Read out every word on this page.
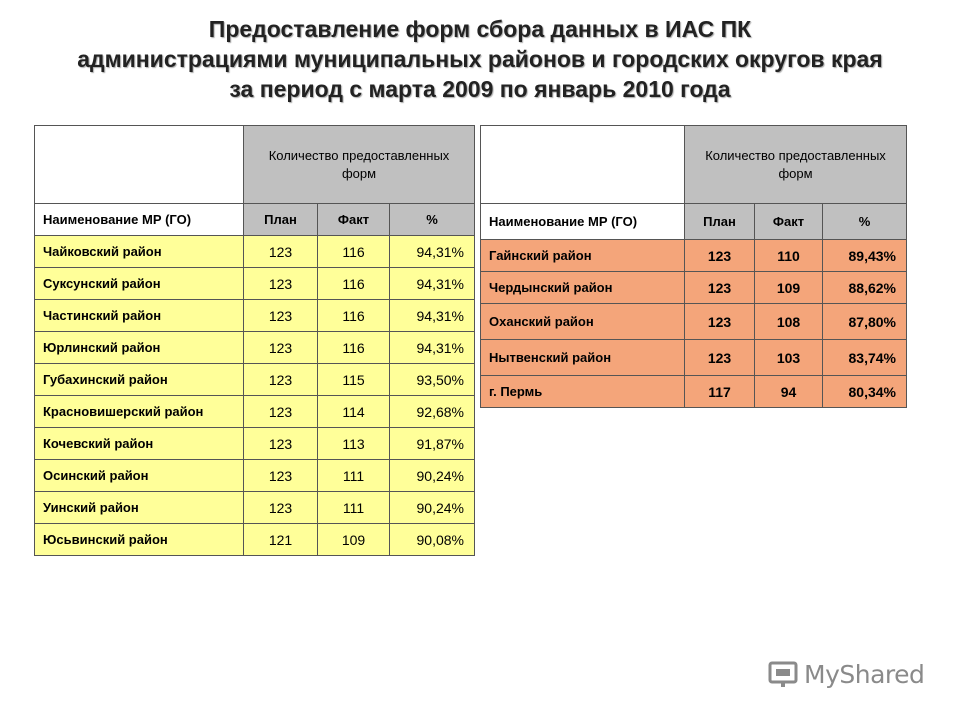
Предоставление форм сбора данных в ИАС ПК
администрациями муниципальных районов и городских округов края
за период с марта 2009 по январь 2010 года

	Количество предоставленных форм		

Наименование МР (ГО)	План	Факт	%
Чайковский район	123	116	94,31%
Суксунский район	123	116	94,31%
Частинский район	123	116	94,31%
Юрлинский район	123	116	94,31%
Губахинский район	123	115	93,50%
Красновишерский район	123	114	92,68%
Кочевский район	123	113	91,87%
Осинский район	123	111	90,24%
Уинский район	123	111	90,24%
Юсьвинский район	121	109	90,08%

	Количество предоставленных форм		

Наименование МР (ГО)	План	Факт	%
Гайнский район	123	110	89,43%
Чердынский район	123	109	88,62%
Оханский район	123	108	87,80%
Нытвенский район	123	103	83,74%
г. Пермь	117	94	80,34%
MyShared
